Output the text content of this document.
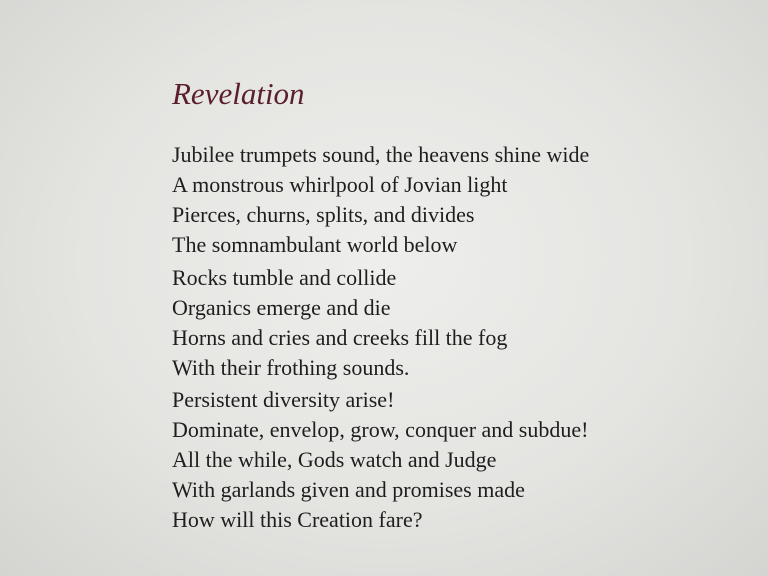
Revelation
Jubilee trumpets sound, the heavens shine wide
A monstrous whirlpool of Jovian light
Pierces, churns, splits, and divides
The somnambulant world below
Rocks tumble and collide
Organics emerge and die
Horns and cries and creeks fill the fog
With their frothing sounds.
Persistent diversity arise!
Dominate, envelop, grow, conquer and subdue!
All the while, Gods watch and Judge
With garlands given and promises made
How will this Creation fare?
